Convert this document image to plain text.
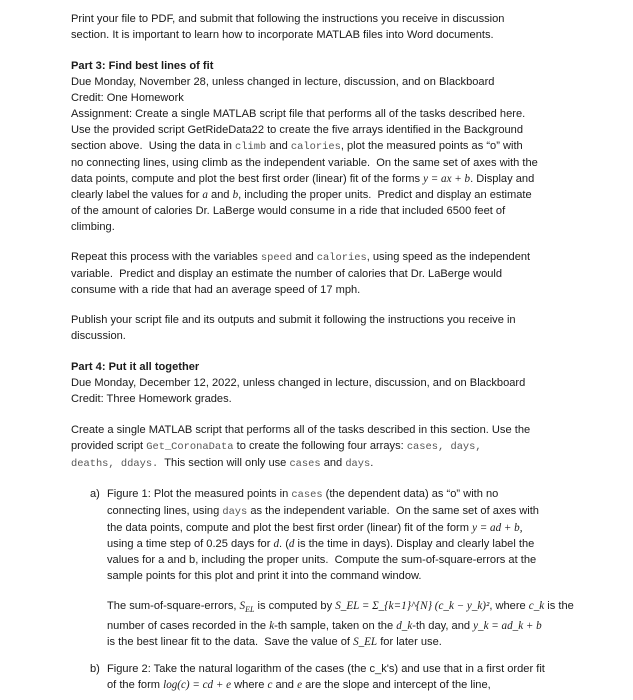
Print your file to PDF, and submit that following the instructions you receive in discussion
section. It is important to learn how to incorporate MATLAB files into Word documents.

Part 3: Find best lines of fit
Due Monday, November 28, unless changed in lecture, discussion, and on Blackboard
Credit: One Homework
Assignment: Create a single MATLAB script file that performs all of the tasks described here.
Use the provided script GetRideData22 to create the five arrays identified in the Background
section above.  Using the data in climb and calories, plot the measured points as “o” with
no connecting lines, using climb as the independent variable.  On the same set of axes with the
data points, compute and plot the best first order (linear) fit of the forms y = ax + b. Display and
clearly label the values for a and b, including the proper units.  Predict and display an estimate
of the amount of calories Dr. LaBerge would consume in a ride that included 6500 feet of
climbing.

Repeat this process with the variables speed and calories, using speed as the independent
variable.  Predict and display an estimate the number of calories that Dr. LaBerge would
consume with a ride that had an average speed of 17 mph.

Publish your script file and its outputs and submit it following the instructions you receive in
discussion.

Part 4: Put it all together
Due Monday, December 12, 2022, unless changed in lecture, discussion, and on Blackboard
Credit: Three Homework grades.

Create a single MATLAB script that performs all of the tasks described in this section. Use the
provided script Get_CoronaData to create the following four arrays: cases, days,
deaths, ddays.  This section will only use cases and days.

a) Figure 1: Plot the measured points in cases (the dependent data) as “o” with no
connecting lines, using days as the independent variable.  On the same set of axes with
the data points, compute and plot the best first order (linear) fit of the form y = ad + b,
using a time step of 0.25 days for d. (d is the time in days). Display and clearly label the
values for a and b, including the proper units.  Compute the sum-of-square-errors at the
sample points for this plot and print it into the command window.

The sum-of-square-errors, $S_{EL}$ is computed by S_EL = Σ_{k=1}^{N} (c_k − y_k)², where c_k is the
number of cases recorded in the k-th sample, taken on the d_k-th day, and y_k = ad_k + b
is the best linear fit to the data.  Save the value of S_EL for later use.

b) Figure 2: Take the natural logarithm of the cases (the c_k's) and use that in a first order fit
of the form log(c) = cd + e where c and e are the slope and intercept of the line,
